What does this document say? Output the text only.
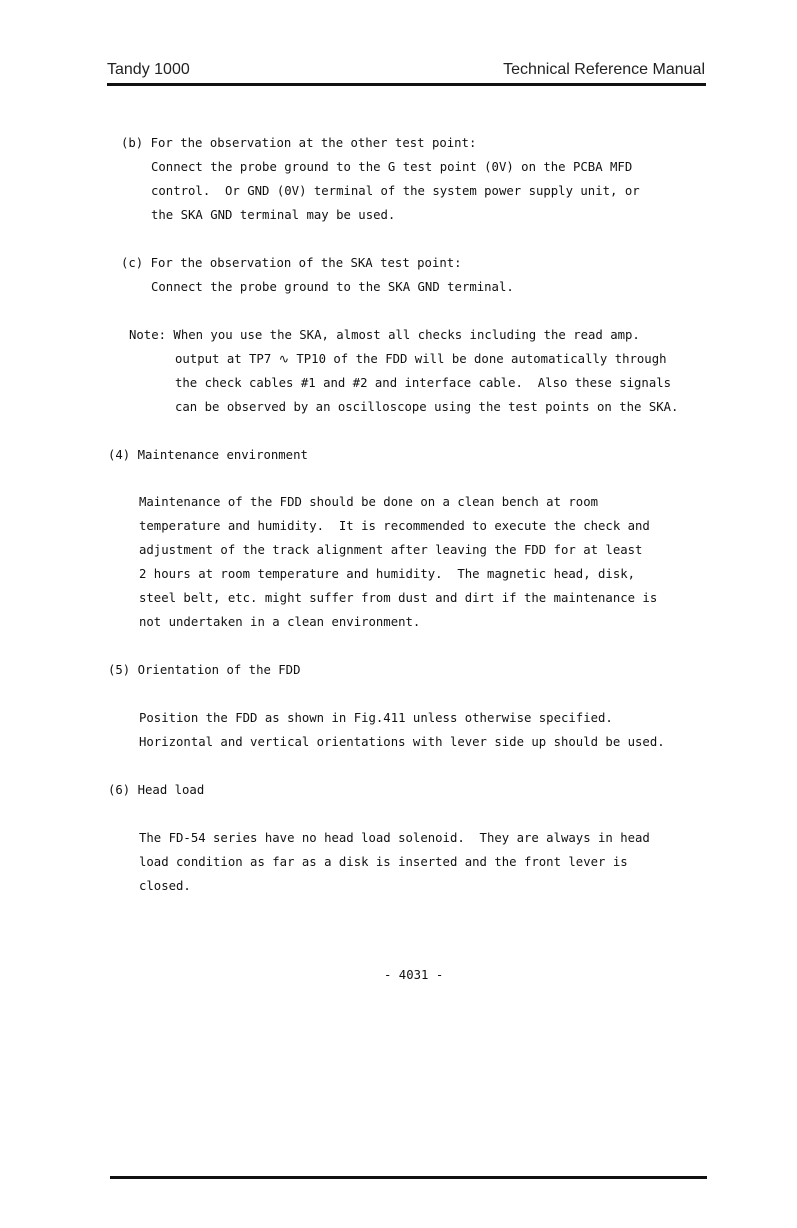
Tandy 1000	Technical Reference Manual
(b) For the observation at the other test point:
Connect the probe ground to the G test point (0V) on the PCBA MFD
control.  Or GND (0V) terminal of the system power supply unit, or
the SKA GND terminal may be used.
(c) For the observation of the SKA test point:
Connect the probe ground to the SKA GND terminal.
Note: When you use the SKA, almost all checks including the read amp.
output at TP7 ∿ TP10 of the FDD will be done automatically through
the check cables #1 and #2 and interface cable.  Also these signals
can be observed by an oscilloscope using the test points on the SKA.
(4) Maintenance environment
Maintenance of the FDD should be done on a clean bench at room
temperature and humidity.  It is recommended to execute the check and
adjustment of the track alignment after leaving the FDD for at least
2 hours at room temperature and humidity.  The magnetic head, disk,
steel belt, etc. might suffer from dust and dirt if the maintenance is
not undertaken in a clean environment.
(5) Orientation of the FDD
Position the FDD as shown in Fig.411 unless otherwise specified.
Horizontal and vertical orientations with lever side up should be used.
(6) Head load
The FD-54 series have no head load solenoid.  They are always in head
load condition as far as a disk is inserted and the front lever is
closed.
- 4031 -
